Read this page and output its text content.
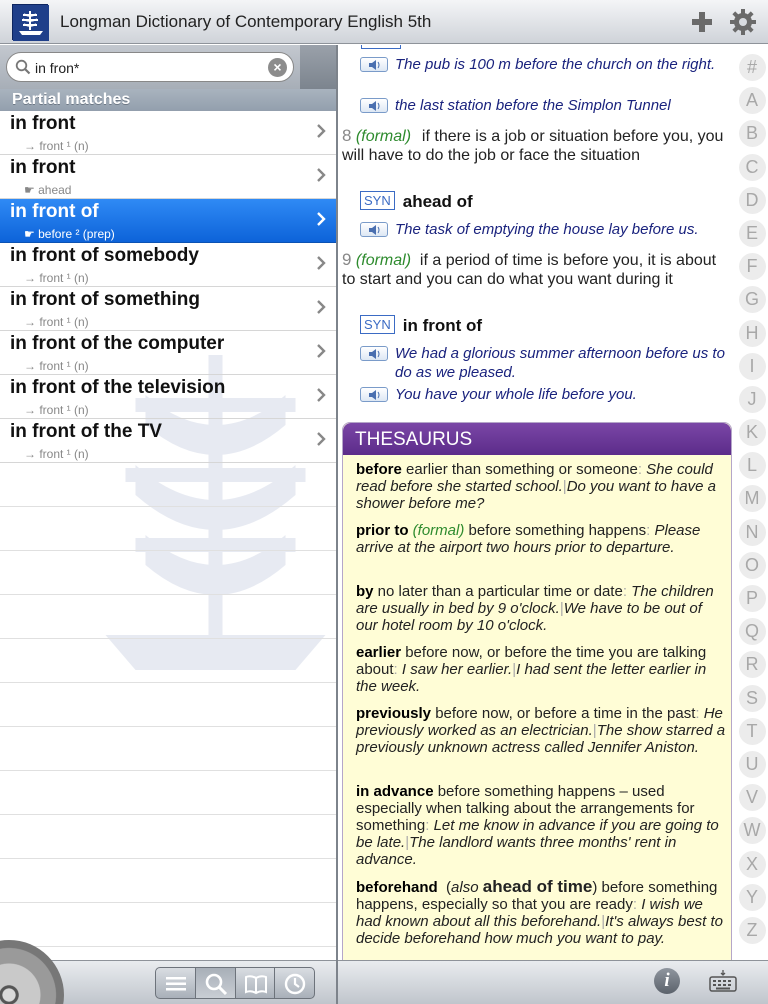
Longman Dictionary of Contemporary English 5th
in fron*
×
Partial matches
in front
→ front ¹ (n)
in front
☛ ahead
in front of
☛ before ² (prep)
in front of somebody
→ front ¹ (n)
in front of something
→ front ¹ (n)
in front of the computer
→ front ¹ (n)
in front of the television
→ front ¹ (n)
in front of the TV
→ front ¹ (n)
The pub is 100 m before the church on the right.
the last station before the Simplon Tunnel
8 (formal) if there is a job or situation before you, you will have to do the job or face the situation
SYN ahead of
The task of emptying the house lay before us.
9 (formal) if a period of time is before you, it is about to start and you can do what you want during it
SYN in front of
We had a glorious summer afternoon before us to do as we pleased.
You have your whole life before you.
THESAURUS
before earlier than something or someone: She could read before she started school.|Do you want to have a shower before me?
prior to (formal) before something happens: Please arrive at the airport two hours prior to departure.
by no later than a particular time or date: The children are usually in bed by 9 o'clock.|We have to be out of our hotel room by 10 o'clock.
earlier before now, or before the time you are talking about: I saw her earlier.|I had sent the letter earlier in the week.
previously before now, or before a time in the past: He previously worked as an electrician.|The show starred a previously unknown actress called Jennifer Aniston.
in advance before something happens – used especially when talking about the arrangements for something: Let me know in advance if you are going to be late.|The landlord wants three months' rent in advance.
beforehand  (also ahead of time) before something happens, especially so that you are ready: I wish we had known about all this beforehand.|It's always best to decide beforehand how much you want to pay.
#
A
B
C
D
E
F
G
H
I
J
K
L
M
N
O
P
Q
R
S
T
U
V
W
X
Y
Z
i
